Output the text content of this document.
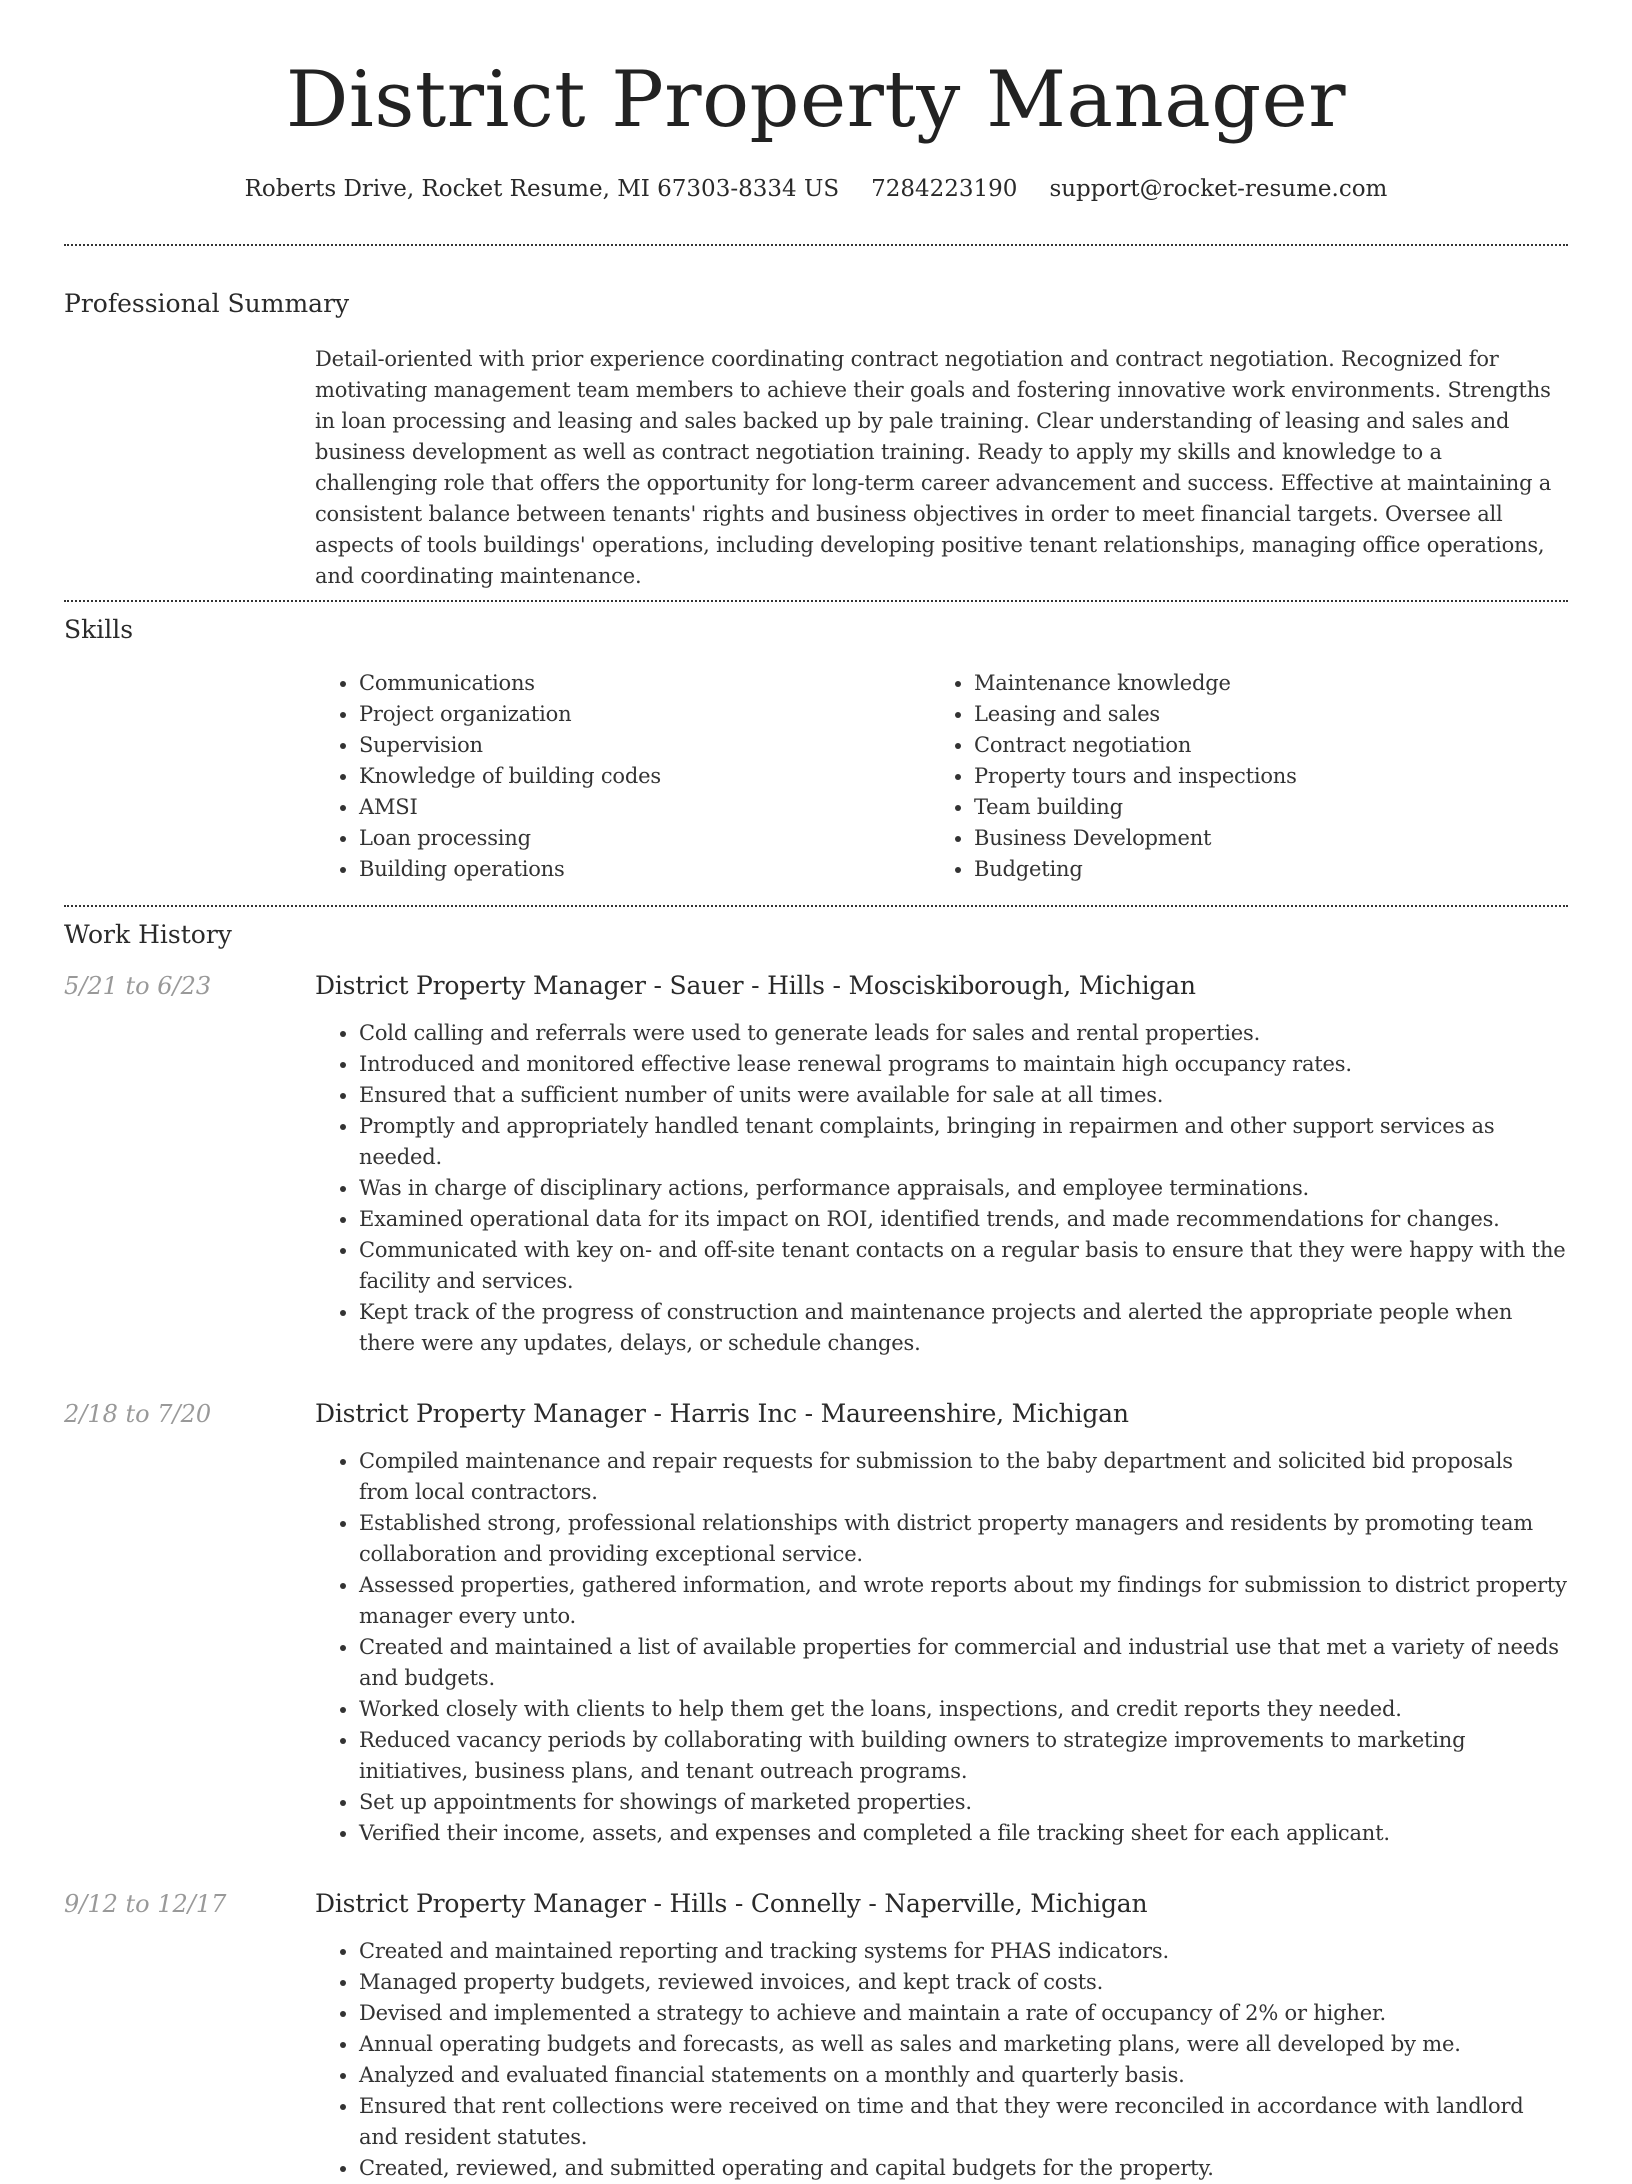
District Property Manager
Roberts Drive, Rocket Resume, MI 67303-8334 US 7284223190 support@rocket-resume.com
Professional Summary

Detail-oriented with prior experience coordinating contract negotiation and contract negotiation. Recognized for motivating management team members to achieve their goals and fostering innovative work environments. Strengths in loan processing and leasing and sales backed up by pale training. Clear understanding of leasing and sales and business development as well as contract negotiation training. Ready to apply my skills and knowledge to a challenging role that offers the opportunity for long-term career advancement and success. Effective at maintaining a consistent balance between tenants' rights and business objectives in order to meet financial targets. Oversee all aspects of tools buildings' operations, including developing positive tenant relationships, managing office operations, and coordinating maintenance.

Skills
• Communications
• Project organization
• Supervision
• Knowledge of building codes
• AMSI
• Loan processing
• Building operations
• Maintenance knowledge
• Leasing and sales
• Contract negotiation
• Property tours and inspections
• Team building
• Business Development
• Budgeting
Work History
5/21 to 6/23	District Property Manager - Sauer - Hills - Mosciskiborough, Michigan
• Cold calling and referrals were used to generate leads for sales and rental properties.
• Introduced and monitored effective lease renewal programs to maintain high occupancy rates.
• Ensured that a sufficient number of units were available for sale at all times.
• Promptly and appropriately handled tenant complaints, bringing in repairmen and other support services as needed.
• Was in charge of disciplinary actions, performance appraisals, and employee terminations.
• Examined operational data for its impact on ROI, identified trends, and made recommendations for changes.
• Communicated with key on- and off-site tenant contacts on a regular basis to ensure that they were happy with the facility and services.
• Kept track of the progress of construction and maintenance projects and alerted the appropriate people when there were any updates, delays, or schedule changes.
2/18 to 7/20	District Property Manager - Harris Inc - Maureenshire, Michigan
• Compiled maintenance and repair requests for submission to the baby department and solicited bid proposals from local contractors.
• Established strong, professional relationships with district property managers and residents by promoting team collaboration and providing exceptional service.
• Assessed properties, gathered information, and wrote reports about my findings for submission to district property manager every unto.
• Created and maintained a list of available properties for commercial and industrial use that met a variety of needs and budgets.
• Worked closely with clients to help them get the loans, inspections, and credit reports they needed.
• Reduced vacancy periods by collaborating with building owners to strategize improvements to marketing initiatives, business plans, and tenant outreach programs.
• Set up appointments for showings of marketed properties.
• Verified their income, assets, and expenses and completed a file tracking sheet for each applicant.
9/12 to 12/17	District Property Manager - Hills - Connelly - Naperville, Michigan
• Created and maintained reporting and tracking systems for PHAS indicators.
• Managed property budgets, reviewed invoices, and kept track of costs.
• Devised and implemented a strategy to achieve and maintain a rate of occupancy of 2% or higher.
• Annual operating budgets and forecasts, as well as sales and marketing plans, were all developed by me.
• Analyzed and evaluated financial statements on a monthly and quarterly basis.
• Ensured that rent collections were received on time and that they were reconciled in accordance with landlord and resident statutes.
• Created, reviewed, and submitted operating and capital budgets for the property.
